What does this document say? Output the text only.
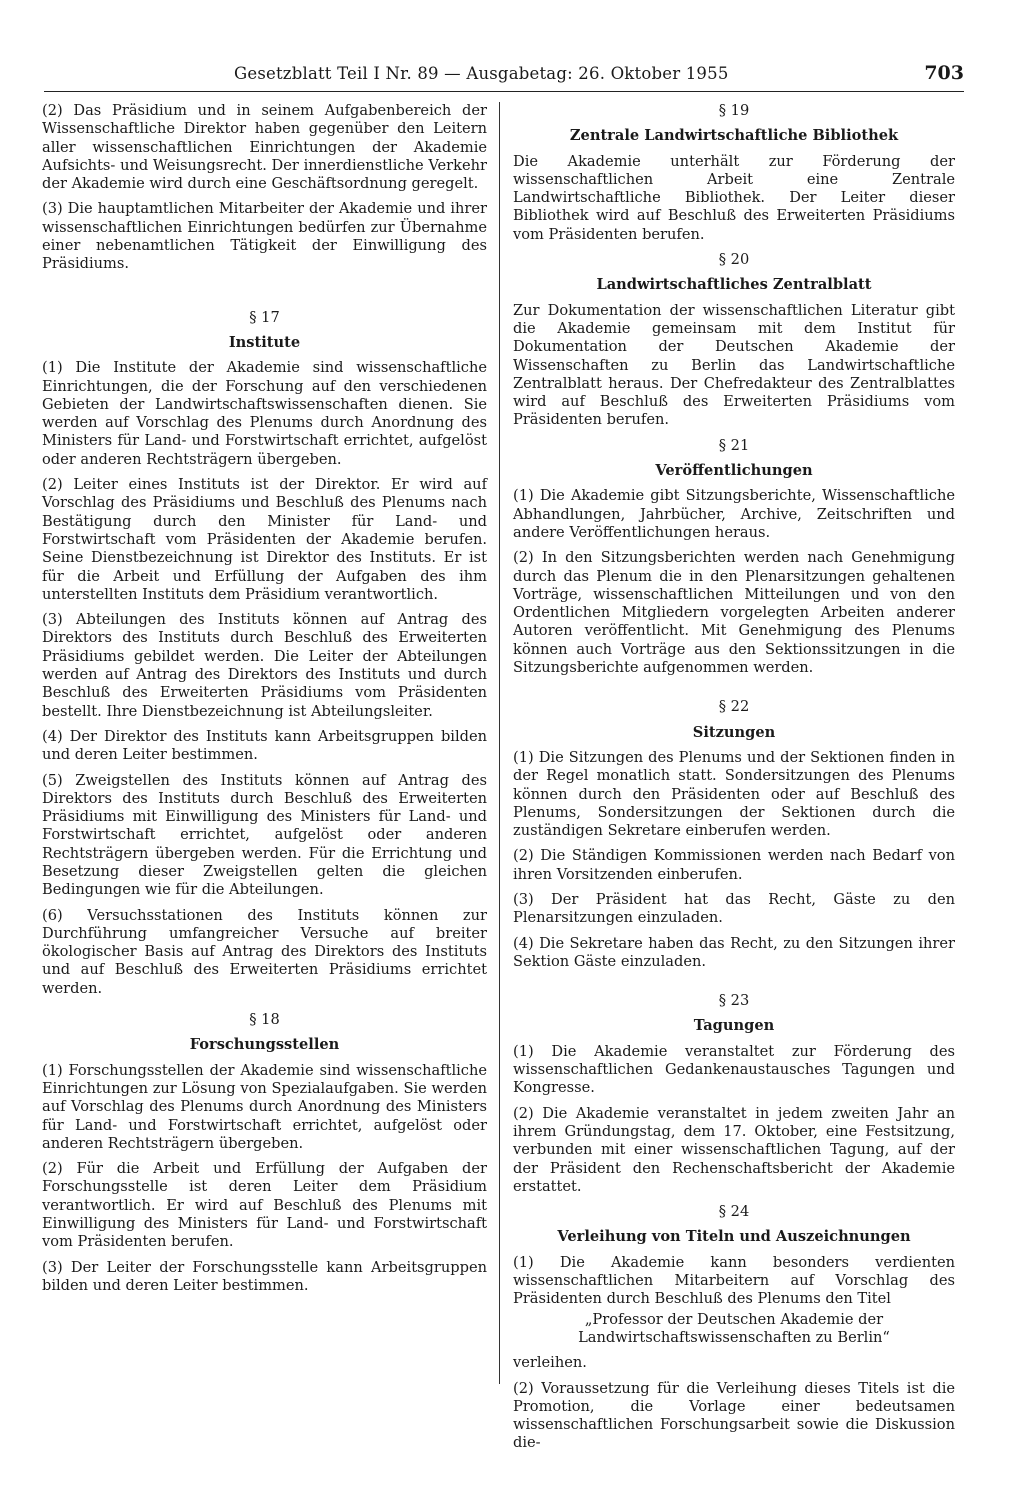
Gesetzblatt Teil I Nr. 89 — Ausgabetag: 26. Oktober 1955	703

(2) Das Präsidium und in seinem Aufgabenbereich der Wissenschaftliche Direktor haben gegenüber den Leitern aller wissenschaftlichen Einrichtungen der Akademie Aufsichts- und Weisungsrecht. Der innerdienstliche Verkehr der Akademie wird durch eine Geschäftsordnung geregelt.

(3) Die hauptamtlichen Mitarbeiter der Akademie und ihrer wissenschaftlichen Einrichtungen bedürfen zur Übernahme einer nebenamtlichen Tätigkeit der Einwilligung des Präsidiums.

§ 17

Institute

(1) Die Institute der Akademie sind wissenschaftliche Einrichtungen, die der Forschung auf den verschiedenen Gebieten der Landwirtschaftswissenschaften dienen. Sie werden auf Vorschlag des Plenums durch Anordnung des Ministers für Land- und Forstwirtschaft errichtet, aufgelöst oder anderen Rechtsträgern übergeben.

(2) Leiter eines Instituts ist der Direktor. Er wird auf Vorschlag des Präsidiums und Beschluß des Plenums nach Bestätigung durch den Minister für Land- und Forstwirtschaft vom Präsidenten der Akademie berufen. Seine Dienstbezeichnung ist Direktor des Instituts. Er ist für die Arbeit und Erfüllung der Aufgaben des ihm unterstellten Instituts dem Präsidium verantwortlich.

(3) Abteilungen des Instituts können auf Antrag des Direktors des Instituts durch Beschluß des Erweiterten Präsidiums gebildet werden. Die Leiter der Abteilungen werden auf Antrag des Direktors des Instituts und durch Beschluß des Erweiterten Präsidiums vom Präsidenten bestellt. Ihre Dienstbezeichnung ist Abteilungsleiter.

(4) Der Direktor des Instituts kann Arbeitsgruppen bilden und deren Leiter bestimmen.

(5) Zweigstellen des Instituts können auf Antrag des Direktors des Instituts durch Beschluß des Erweiterten Präsidiums mit Einwilligung des Ministers für Land- und Forstwirtschaft errichtet, aufgelöst oder anderen Rechtsträgern übergeben werden. Für die Errichtung und Besetzung dieser Zweigstellen gelten die gleichen Bedingungen wie für die Abteilungen.

(6) Versuchsstationen des Instituts können zur Durchführung umfangreicher Versuche auf breiter ökologischer Basis auf Antrag des Direktors des Instituts und auf Beschluß des Erweiterten Präsidiums errichtet werden.

§ 18

Forschungsstellen

(1) Forschungsstellen der Akademie sind wissenschaftliche Einrichtungen zur Lösung von Spezialaufgaben. Sie werden auf Vorschlag des Plenums durch Anordnung des Ministers für Land- und Forstwirtschaft errichtet, aufgelöst oder anderen Rechtsträgern übergeben.

(2) Für die Arbeit und Erfüllung der Aufgaben der Forschungsstelle ist deren Leiter dem Präsidium verantwortlich. Er wird auf Beschluß des Plenums mit Einwilligung des Ministers für Land- und Forstwirtschaft vom Präsidenten berufen.

(3) Der Leiter der Forschungsstelle kann Arbeitsgruppen bilden und deren Leiter bestimmen.

§ 19

Zentrale Landwirtschaftliche Bibliothek

Die Akademie unterhält zur Förderung der wissenschaftlichen Arbeit eine Zentrale Landwirtschaftliche Bibliothek. Der Leiter dieser Bibliothek wird auf Beschluß des Erweiterten Präsidiums vom Präsidenten berufen.

§ 20

Landwirtschaftliches Zentralblatt

Zur Dokumentation der wissenschaftlichen Literatur gibt die Akademie gemeinsam mit dem Institut für Dokumentation der Deutschen Akademie der Wissenschaften zu Berlin das Landwirtschaftliche Zentralblatt heraus. Der Chefredakteur des Zentralblattes wird auf Beschluß des Erweiterten Präsidiums vom Präsidenten berufen.

§ 21

Veröffentlichungen

(1) Die Akademie gibt Sitzungsberichte, Wissenschaftliche Abhandlungen, Jahrbücher, Archive, Zeitschriften und andere Veröffentlichungen heraus.

(2) In den Sitzungsberichten werden nach Genehmigung durch das Plenum die in den Plenarsitzungen gehaltenen Vorträge, wissenschaftlichen Mitteilungen und von den Ordentlichen Mitgliedern vorgelegten Arbeiten anderer Autoren veröffentlicht. Mit Genehmigung des Plenums können auch Vorträge aus den Sektionssitzungen in die Sitzungsberichte aufgenommen werden.

§ 22

Sitzungen

(1) Die Sitzungen des Plenums und der Sektionen finden in der Regel monatlich statt. Sondersitzungen des Plenums können durch den Präsidenten oder auf Beschluß des Plenums, Sondersitzungen der Sektionen durch die zuständigen Sekretare einberufen werden.

(2) Die Ständigen Kommissionen werden nach Bedarf von ihren Vorsitzenden einberufen.

(3) Der Präsident hat das Recht, Gäste zu den Plenarsitzungen einzuladen.

(4) Die Sekretare haben das Recht, zu den Sitzungen ihrer Sektion Gäste einzuladen.

§ 23

Tagungen

(1) Die Akademie veranstaltet zur Förderung des wissenschaftlichen Gedankenaustausches Tagungen und Kongresse.

(2) Die Akademie veranstaltet in jedem zweiten Jahr an ihrem Gründungstag, dem 17. Oktober, eine Festsitzung, verbunden mit einer wissenschaftlichen Tagung, auf der der Präsident den Rechenschaftsbericht der Akademie erstattet.

§ 24

Verleihung von Titeln und Auszeichnungen

(1) Die Akademie kann besonders verdienten wissenschaftlichen Mitarbeitern auf Vorschlag des Präsidenten durch Beschluß des Plenums den Titel

„Professor der Deutschen Akademie der Landwirtschaftswissenschaften zu Berlin“

verleihen.

(2) Voraussetzung für die Verleihung dieses Titels ist die Promotion, die Vorlage einer bedeutsamen wissenschaftlichen Forschungsarbeit sowie die Diskussion die-
